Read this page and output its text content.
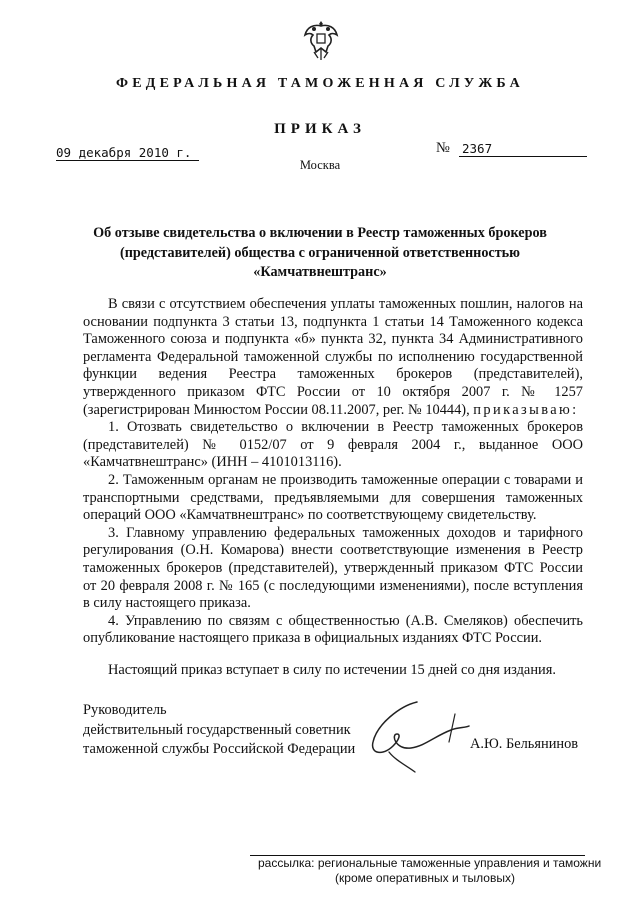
ФЕДЕРАЛЬНАЯ ТАМОЖЕННАЯ СЛУЖБА
ПРИКАЗ
09 декабря 2010 г.	№ 2367
Москва
Об отзыве свидетельства о включении в Реестр таможенных брокеров
(представителей) общества с ограниченной ответственностью
«Камчатвнештранс»

В связи с отсутствием обеспечения уплаты таможенных пошлин, налогов на основании подпункта 3 статьи 13, подпункта 1 статьи 14 Таможенного кодекса Таможенного союза и подпункта «б» пункта 32, пункта 34 Административного регламента Федеральной таможенной службы по исполнению государственной функции ведения Реестра таможенных брокеров (представителей), утвержденного приказом ФТС России от 10 октября 2007 г. № 1257 (зарегистрирован Минюстом России 08.11.2007, рег. № 10444), приказываю:

1. Отозвать свидетельство о включении в Реестр таможенных брокеров (представителей) № 0152/07 от 9 февраля 2004 г., выданное ООО «Камчатвнештранс» (ИНН – 4101013116).

2. Таможенным органам не производить таможенные операции с товарами и транспортными средствами, предъявляемыми для совершения таможенных операций ООО «Камчатвнештранс» по соответствующему свидетельству.

3. Главному управлению федеральных таможенных доходов и тарифного регулирования (О.Н. Комарова) внести соответствующие изменения в Реестр таможенных брокеров (представителей), утвержденный приказом ФТС России от 20 февраля 2008 г. № 165 (с последующими изменениями), после вступления в силу настоящего приказа.

4. Управлению по связям с общественностью (А.В. Смеляков) обеспечить опубликование настоящего приказа в официальных изданиях ФТС России.

Настоящий приказ вступает в силу по истечении 15 дней со дня издания.
Руководитель
действительный государственный советник
таможенной службы Российской Федерации	А.Ю. Бельянинов
рассылка: региональные таможенные управления и таможни
(кроме оперативных и тыловых)
